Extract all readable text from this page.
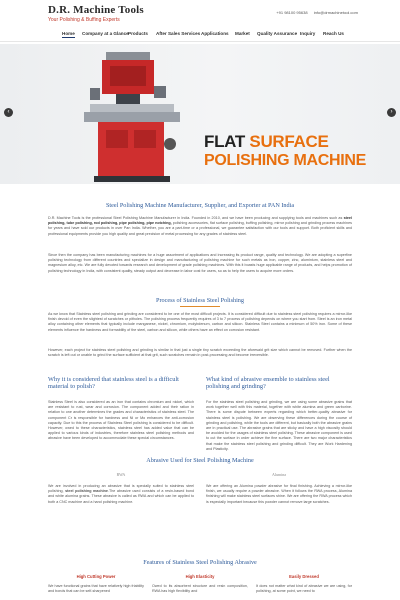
D.R. Machine Tools
Your Polishing & Buffing Experts
+91 98100 95638 info@drmachinetool.com
Home Company at a Glance Products After Sales Services Applications Market Quality Assurance Inquiry Reach Us
‹	›
FLAT SURFACE
POLISHING MACHINE
Steel Polishing Machine Manufacturer, Supplier, and Exporter at PAN India
D.R. Machine Tools is the professional Steel Polishing Machine Manufacturer in India. Founded in 2010, and we have been producing and supplying tools and machines such as steel polishing, tube polishing, rod polishing, pipe polishing, pipe notching, polishing accessories, flat surface polishing, buffing polishing, mirror polishing and grinding process machines for years and have sold our products in over Pan India. Whether, you are a part-time or a professional, we guarantee satisfaction with our tools and support. Both proficient skills and professional equipments provide you high quality and great precision of metal processing for any grades of stainless steel.
Since then the company has been manufacturing machines for a huge assortment of applications and increasing its product range, quality and technology. We are adopting a superfine polishing technology from different countries and specialize in design and manufacturing of polishing machine for such metals as iron, copper, zinc, aluminium, stainless steel and magnesium alloy, etc. We are fully devoted towards research and development of grade polishing machines. With this it boasts huge applicable range of products, and helps promotion of polishing technology in India, with consistent quality, steady output and decrease in labor cost for users, so as to help the users to acquire more orders.
Process of Stainless Steel Polishing
As we know that Stainless steel polishing and grinding are considered to be one of the most difficult projects. It is considered difficult due to stainless steel polishing requires a mirror-like finish devoid of even the slightest of scratches or pitholes. The polishing process frequently requires of 3 to 7 process of polishing depends on where you start from. Steel is an iron metal alloy containing other elements that typically include manganese, nickel, chromium, molybdenum, carbon and silicon. Stainless Steel contains a minimum of 50% iron. Some of these elements influence the hardness and formability of the steel, carbon and silicon, while others have an effect on corrosion resistant.
However, each project for stainless steel polishing and grinding is similar in that just a single tiny scratch exceeding the aforesaid grit size which cannot be removed. Further when the scratch is left out or unable to grind the surface sufficient at that grit, such scratches remain in post-processing and become irreversible.
Why it is considered that stainless steel is a difficult material to polish?
Stainless Steel is also considered as an iron that contains chromium and nickel, which are resistant to rust, wear and corrosion. The component added and their ration in relation to one another determines the grades and characteristics of stainless steel. The component Cr is responsible for hardness and Ni or Mo enhances the anti-corrosion capacity. Due to this the process of Stainless Steel polishing is considered to be difficult. However, owed to these characteristics, stainless steel has added value that can be applied to various kinds of industries, therefore stainless steel polishing methods and abrasive have been developed to accommodate these special circumstances.
What kind of abrasive ensemble to stainless steel polishing and grinding?
For the stainless steel polishing and grinding, we are using some abrasive grains that work together well with this material, together with white alumina and green carborine. There is some dispute between experts regarding which better-quality abrasive for stainless steel is polishing. We are observing these differences during the course of grinding and polishing, while the tools are different, but basically both the abrasive grains are in practical use. The abrasive grains that are sticky and have a high viscosity should be avoided for the usages of stainless steel polishing. These abrasive component is used to cut the surface in order achieve the fine surface. There are two major characteristics that make the stainless steel polishing and grinding difficult. They are Work Hardening and Plasticity.
Abrasive Used for Steel Polishing Machine
RWA	Alumina
We are involved in producing an abrasive that is specially suited to stainless steel polishing, steel polishing machine.The abrasive used consists of a resin-based bond and white alumina grains. These abrasive is called as RWA and which can be applied to both a CNC machine and a hand polishing machine.
We are offering an Alumina powder abrasive for final finishing. Achieving a mirror-like finish, we usually require a powder abrasive. When it follows the RWA process, Alumina finishing will make stainless steel surfaces shine. We are offering the RWA process which is especially important because this powder cannot remove large scratches.
Features of Stainless Steel Polishing Abrasive
High Cutting Power	High Elasticity	Easily Dressed
We have functional grains that have relatively high friability and bonds that can be self-sharpened
Owed to its absorbent structure and resin composition, RWA has high flexibility and
It does not matter what kind of abrasive we are using, for polishing, at some point, we need to
